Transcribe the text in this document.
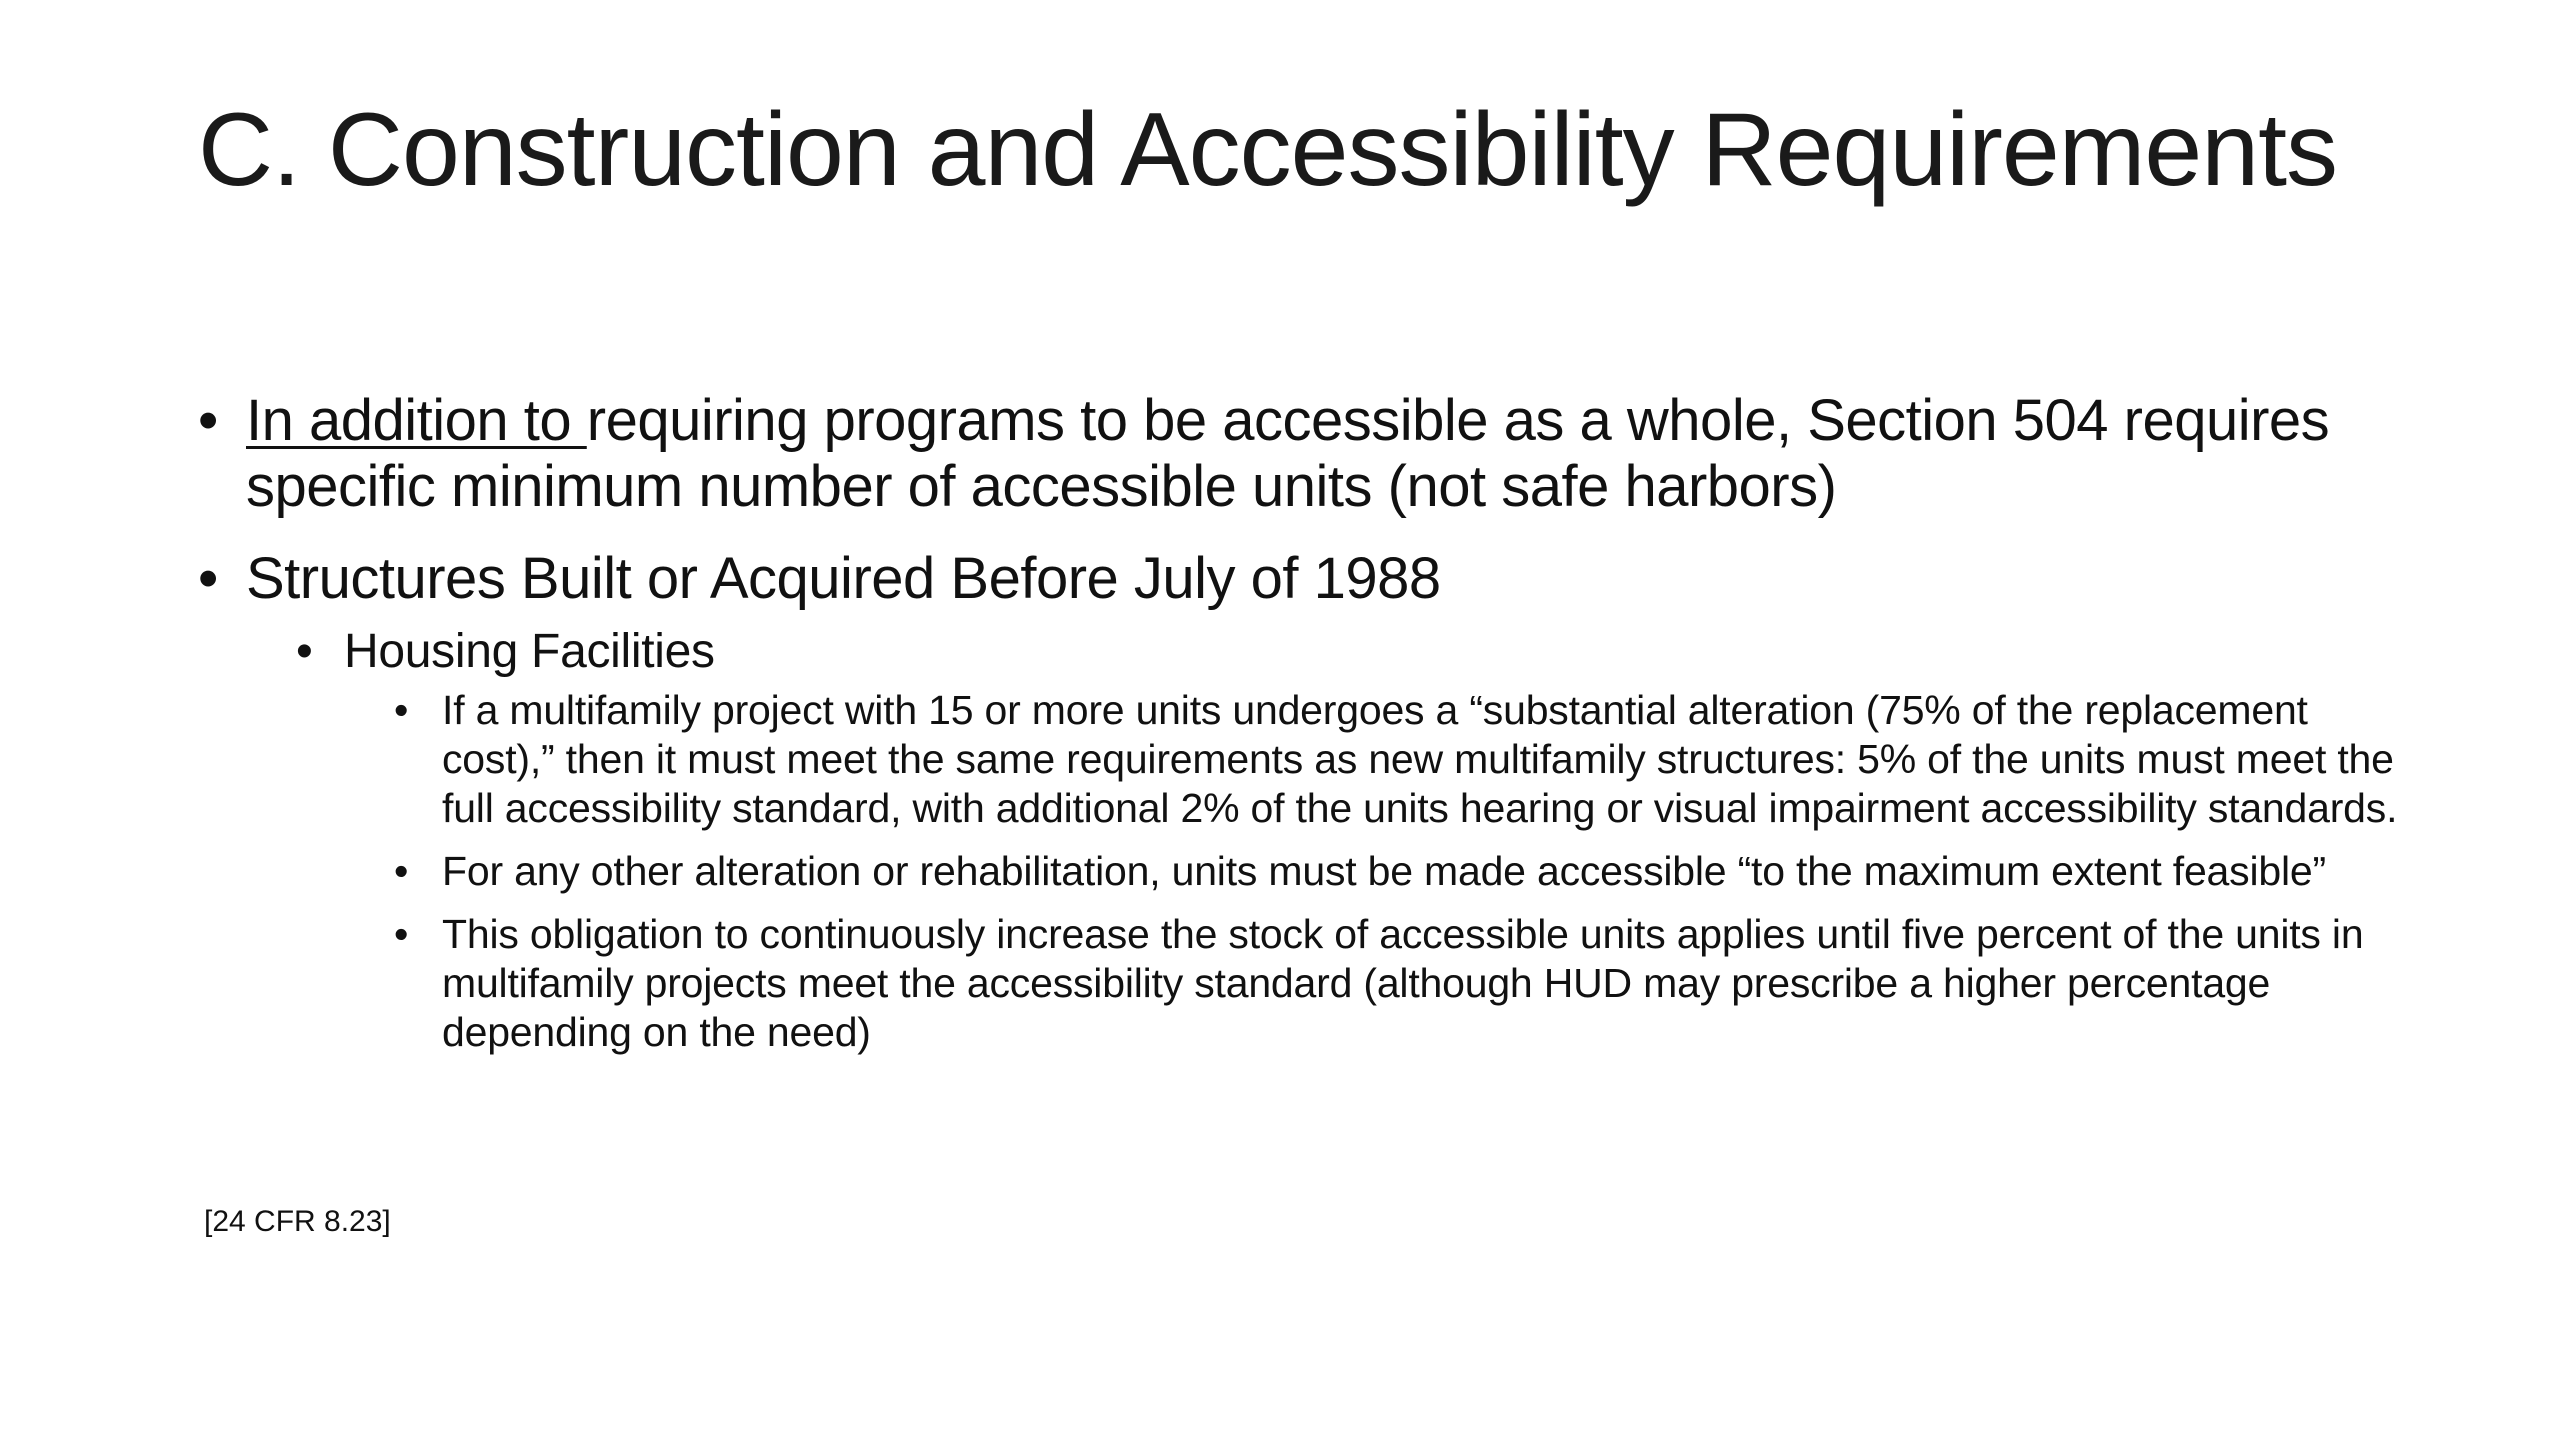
C. Construction and Accessibility Requirements
• In addition to requiring programs to be accessible as a whole, Section 504 requires specific minimum number of accessible units (not safe harbors)
• Structures Built or Acquired Before July of 1988
• Housing Facilities
• If a multifamily project with 15 or more units undergoes a “substantial alteration (75% of the replacement cost),” then it must meet the same requirements as new multifamily structures: 5% of the units must meet the full accessibility standard, with additional 2% of the units hearing or visual impairment accessibility standards.
• For any other alteration or rehabilitation, units must be made accessible “to the maximum extent feasible”
• This obligation to continuously increase the stock of accessible units applies until five percent of the units in multifamily projects meet the accessibility standard (although HUD may prescribe a higher percentage depending on the need)
[24 CFR 8.23]
